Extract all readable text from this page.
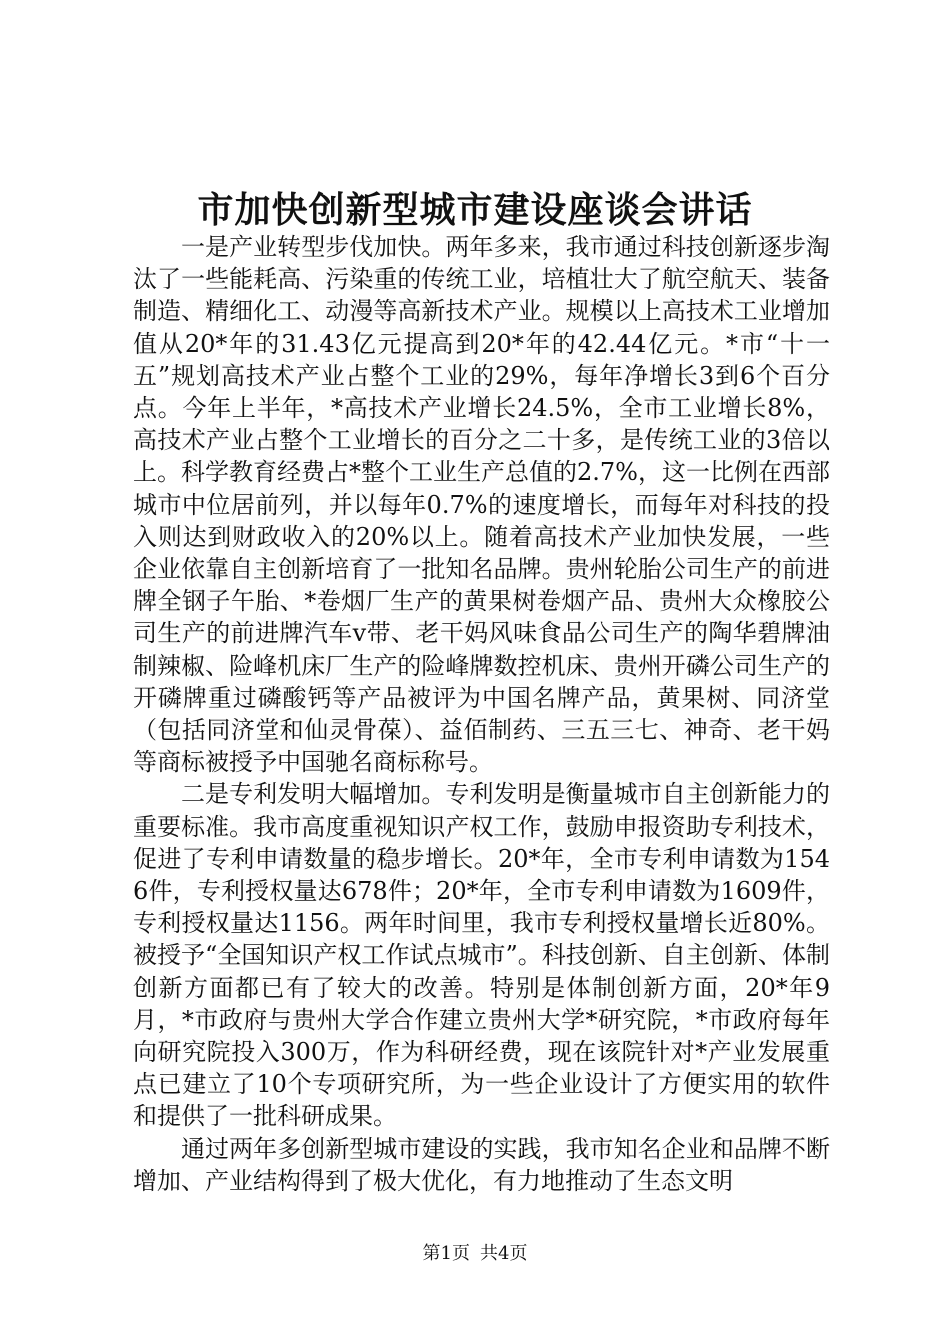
市加快创新型城市建设座谈会讲话

一是产业转型步伐加快。两年多来，我市通过科技创新逐步淘汰了一些能耗高、污染重的传统工业，培植壮大了航空航天、装备制造、精细化工、动漫等高新技术产业。规模以上高技术工业增加值从20*年的31.43亿元提高到20*年的42.44亿元。*市“十一五”规划高技术产业占整个工业的29%，每年净增长3到6个百分点。今年上半年，*高技术产业增长24.5%，全市工业增长8%，高技术产业占整个工业增长的百分之二十多，是传统工业的3倍以上。科学教育经费占*整个工业生产总值的2.7%，这一比例在西部城市中位居前列，并以每年0.7%的速度增长，而每年对科技的投入则达到财政收入的20%以上。随着高技术产业加快发展，一些企业依靠自主创新培育了一批知名品牌。贵州轮胎公司生产的前进牌全钢子午胎、*卷烟厂生产的黄果树卷烟产品、贵州大众橡胶公司生产的前进牌汽车v带、老干妈风味食品公司生产的陶华碧牌油制辣椒、险峰机床厂生产的险峰牌数控机床、贵州开磷公司生产的开磷牌重过磷酸钙等产品被评为中国名牌产品，黄果树、同济堂（包括同济堂和仙灵骨葆）、益佰制药、三五三七、神奇、老干妈等商标被授予中国驰名商标称号。

二是专利发明大幅增加。专利发明是衡量城市自主创新能力的重要标准。我市高度重视知识产权工作，鼓励申报资助专利技术，促进了专利申请数量的稳步增长。20*年，全市专利申请数为1546件，专利授权量达678件；20*年，全市专利申请数为1609件，专利授权量达1156。两年时间里，我市专利授权量增长近80%。被授予“全国知识产权工作试点城市”。科技创新、自主创新、体制创新方面都已有了较大的改善。特别是体制创新方面，20*年9月，*市政府与贵州大学合作建立贵州大学*研究院，*市政府每年向研究院投入300万，作为科研经费，现在该院针对*产业发展重点已建立了10个专项研究所，为一些企业设计了方便实用的软件和提供了一批科研成果。

通过两年多创新型城市建设的实践，我市知名企业和品牌不断增加、产业结构得到了极大优化，有力地推动了生态文明

第1页 共4页
